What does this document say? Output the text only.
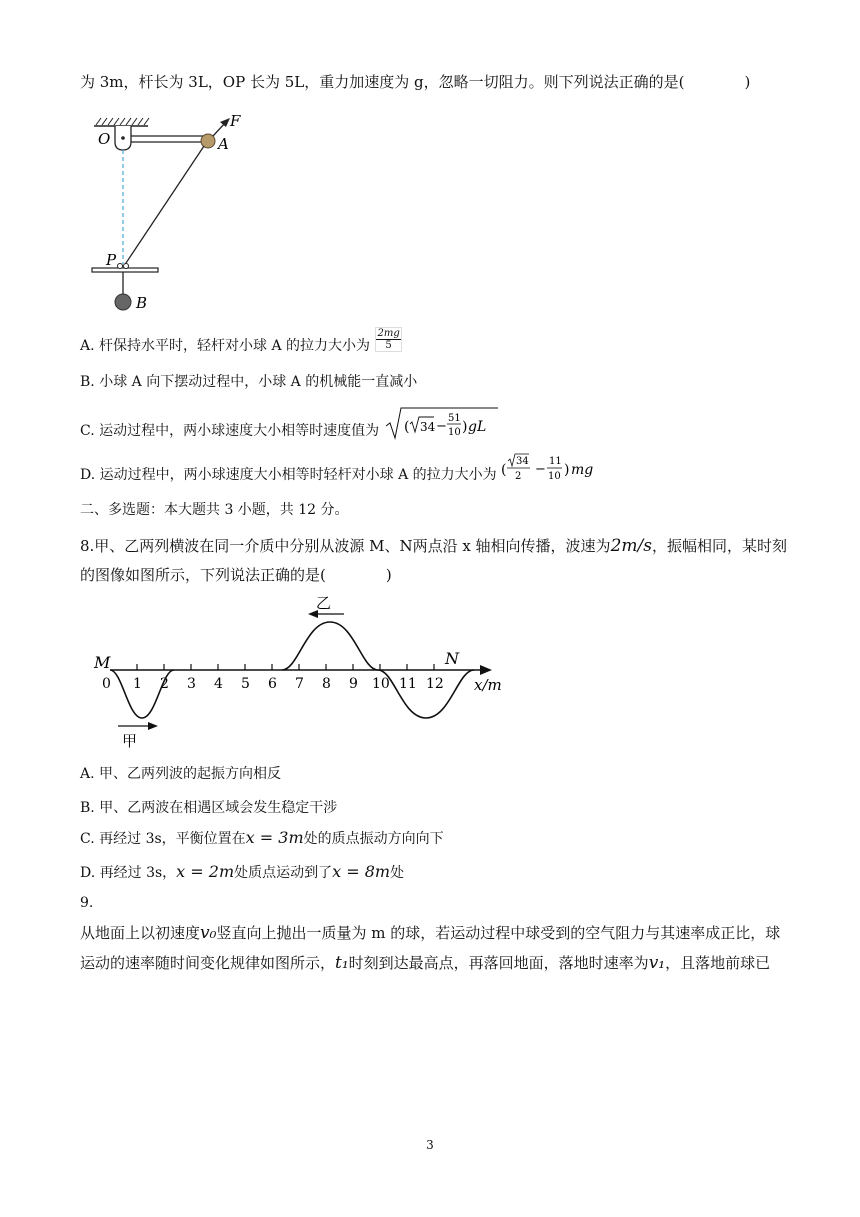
为 3m，杆长为 3L，OP 长为 5L，重力加速度为 g，忽略一切阻力。则下列说法正确的是(　　　　)
O	A
F
P
B
A. 杆保持水平时，轻杆对小球 A 的拉力大小为 $\frac{2mg}{5}$
B. 小球 A 向下摆动过程中，小球 A 的机械能一直减小
C. 运动过程中，两小球速度大小相等时速度值为 ( 34 −
51
10 ) gL
D. 运动过程中，两小球速度大小相等时轻杆对小球 A 的拉力大小为 (
34
2 −
11
10 ) mg
二、多选题：本大题共 3 小题，共 12 分。
8.甲、乙两列横波在同一介质中分别从波源 M、N两点沿 x 轴相向传播，波速为2m/s，振幅相同，某时刻
的图像如图所示，下列说法正确的是(　　　　)
x/m
0 1 2 3 4 5 6 7 8 9 10 11 12
M	N
甲
乙
A. 甲、乙两列波的起振方向相反
B. 甲、乙两波在相遇区域会发生稳定干涉
C. 再经过 3s，平衡位置在x = 3m处的质点振动方向向下
D. 再经过 3s，x = 2m处质点运动到了x = 8m处
9.
从地面上以初速度v₀竖直向上抛出一质量为 m 的球，若运动过程中球受到的空气阻力与其速率成正比，球
运动的速率随时间变化规律如图所示，t₁时刻到达最高点，再落回地面，落地时速率为v₁，且落地前球已
3
